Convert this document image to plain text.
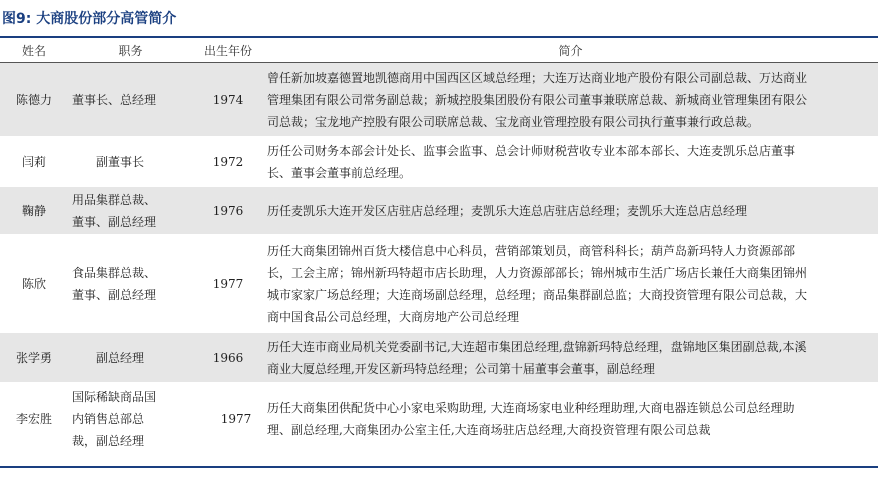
图9: 大商股份部分高管简介
姓名	职务	出生年份	简介
陈德力	董事长、总经理	1974	曾任新加坡嘉德置地凯德商用中国西区区域总经理；大连万达商业地产股份有限公司副总裁、万达商业
管理集团有限公司常务副总裁；新城控股集团股份有限公司董事兼联席总裁、新城商业管理集团有限公
司总裁；宝龙地产控股有限公司联席总裁、宝龙商业管理控股有限公司执行董事兼行政总裁。

闫莉	副董事长	1972	历任公司财务本部会计处长、监事会监事、总会计师财税营收专业本部本部长、大连麦凯乐总店董事
长、董事会董事前总经理。

鞠静	用品集群总裁、
董事、副总经理	1976	历任麦凯乐大连开发区店驻店总经理；麦凯乐大连总店驻店总经理；麦凯乐大连总店总经理

陈欣	食品集群总裁、
董事、副总经理	1977	历任大商集团锦州百货大楼信息中心科员，营销部策划员，商管科科长；葫芦岛新玛特人力资源部部
长，工会主席；锦州新玛特超市店长助理，人力资源部部长；锦州城市生活广场店长兼任大商集团锦州
城市家家广场总经理；大连商场副总经理，总经理；商品集群副总监；大商投资管理有限公司总裁，大
商中国食品公司总经理，大商房地产公司总经理

张学勇	副总经理	1966	历任大连市商业局机关党委副书记,大连超市集团总经理,盘锦新玛特总经理，盘锦地区集团副总裁,本溪
商业大厦总经理,开发区新玛特总经理；公司第十届董事会董事，副总经理

李宏胜	国际稀缺商品国
内销售总部总
裁，副总经理	1977	历任大商集团供配货中心小家电采购助理, 大连商场家电业种经理助理,大商电器连锁总公司总经理助
理、副总经理,大商集团办公室主任,大连商场驻店总经理,大商投资管理有限公司总裁
